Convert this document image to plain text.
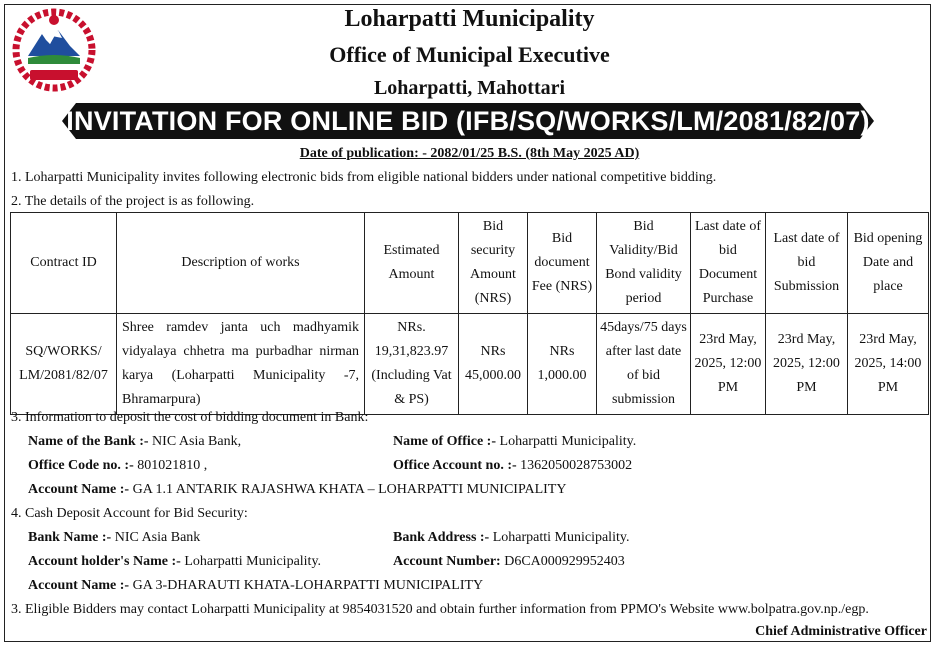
Loharpatti Municipality
Office of Municipal Executive
Loharpatti, Mahottari
INVITATION FOR ONLINE BID (IFB/SQ/WORKS/LM/2081/82/07)
Date of publication: - 2082/01/25 B.S. (8th May 2025 AD)
1. Loharpatti Municipality invites following electronic bids from eligible national bidders under national competitive bidding.
2. The details of the project is as following.
Contract ID	Description of works	Estimated Amount	Bid security Amount (NRS)	Bid document Fee (NRS)	Bid Validity/Bid Bond validity period	Last date of bid Document Purchase	Last date of bid Submission	Bid opening Date and place
SQ/WORKS/ LM/2081/82/07	Shree ramdev janta uch madhyamik vidyalaya chhetra ma purbadhar nirman karya (Loharpatti Municipality -7, Bhramarpura)	NRs. 19,31,823.97 (Including Vat & PS)	NRs 45,000.00	NRs 1,000.00	45days/75 days after last date of bid submission	23rd May, 2025, 12:00 PM	23rd May, 2025, 12:00 PM	23rd May, 2025, 14:00 PM
3. Information to deposit the cost of bidding document in Bank:
Name of the Bank :- NIC Asia Bank,	Name of Office :- Loharpatti Municipality.
Office Code no. :- 801021810 ,	Office Account no. :- 1362050028753002
Account Name :- GA 1.1 ANTARIK RAJASHWA KHATA – LOHARPATTI MUNICIPALITY
4. Cash Deposit Account for Bid Security:
Bank Name :- NIC Asia Bank	Bank Address :- Loharpatti Municipality.
Account holder's Name :- Loharpatti Municipality.	Account Number: D6CA000929952403
Account Name :- GA 3-DHARAUTI KHATA-LOHARPATTI MUNICIPALITY
3. Eligible Bidders may contact Loharpatti Municipality at 9854031520 and obtain further information from PPMO's Website www.bolpatra.gov.np./egp.
Chief Administrative Officer
